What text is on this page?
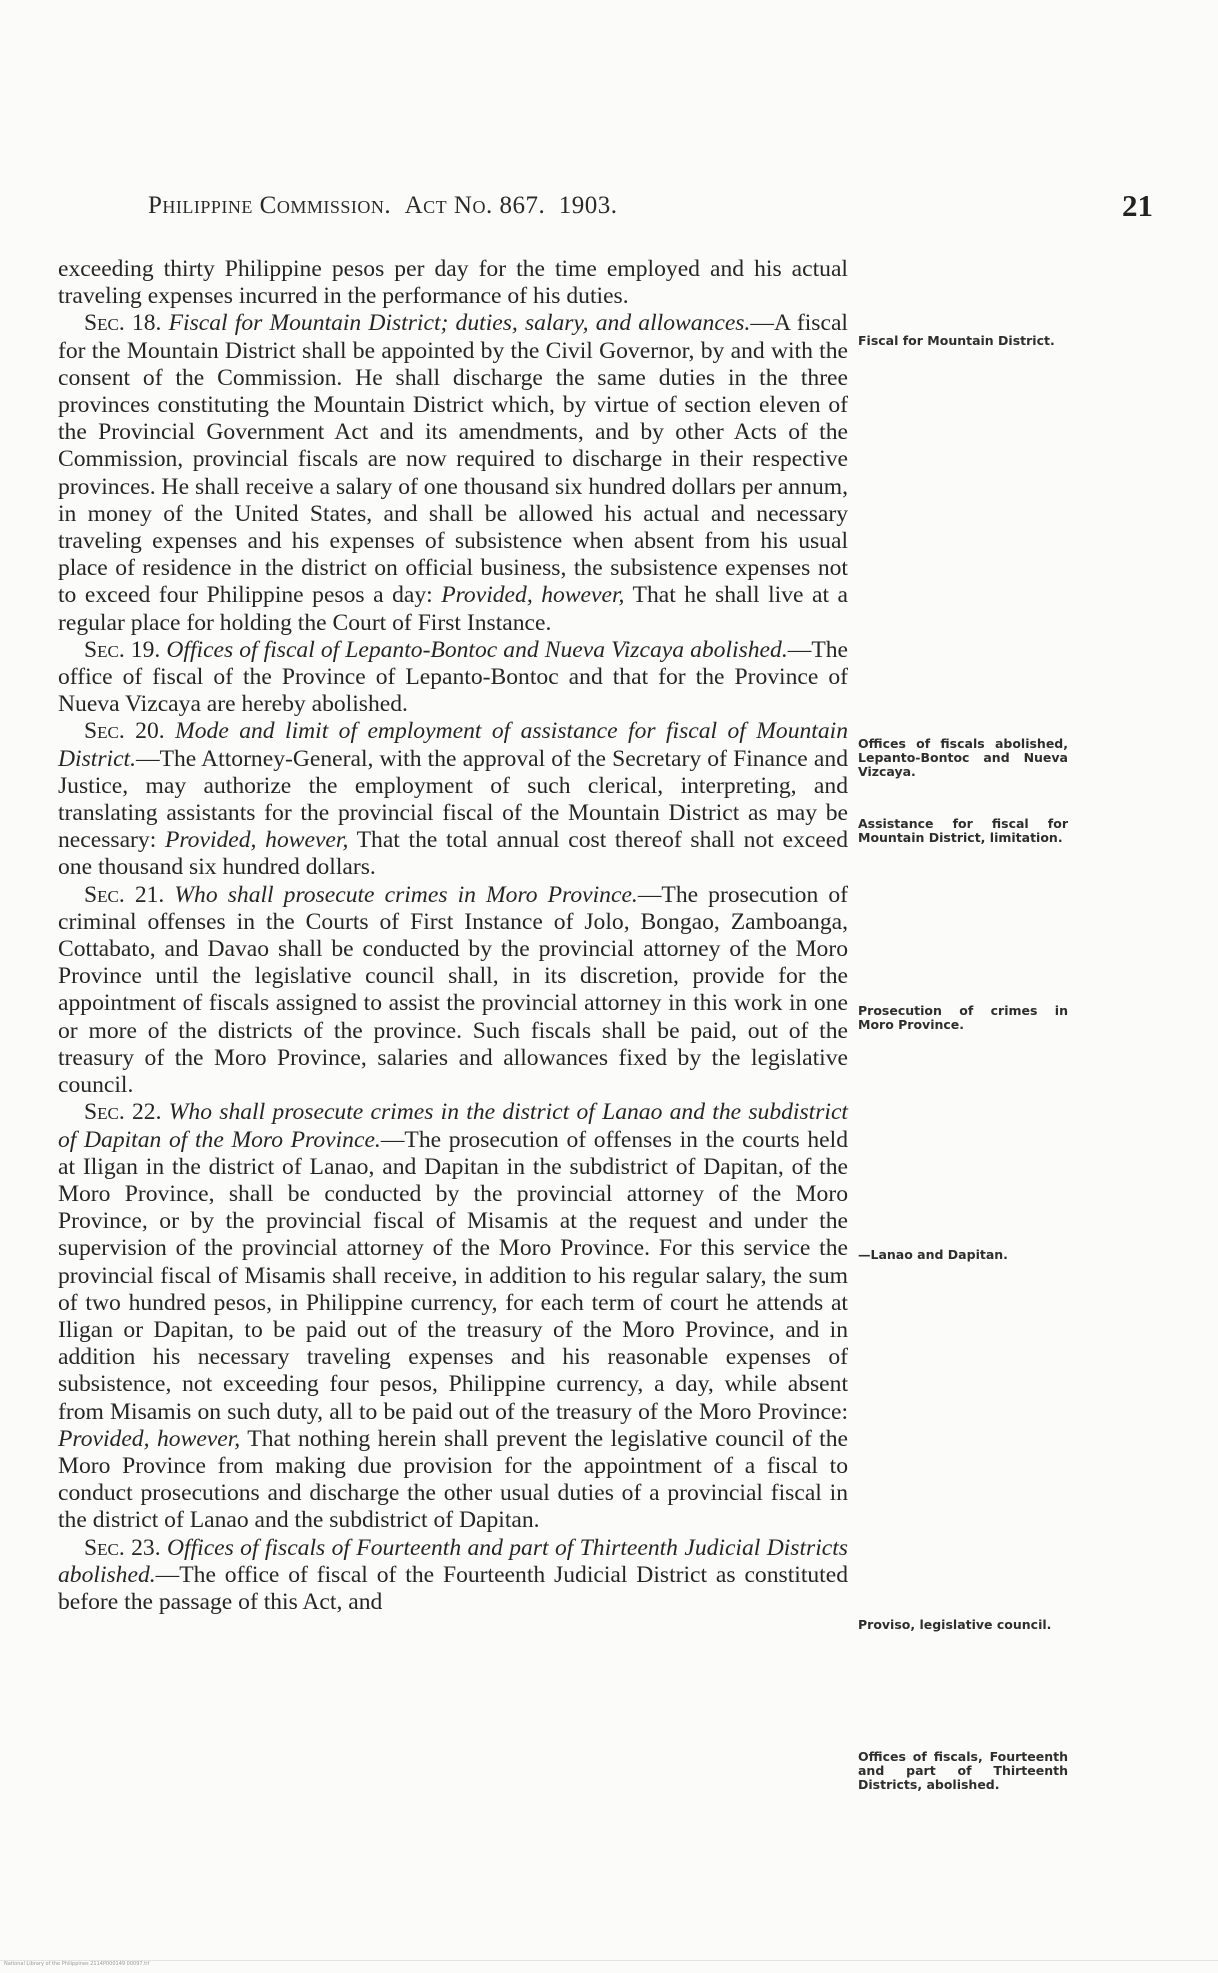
Philippine Commission. Act No. 867. 1903.	21

exceeding thirty Philippine pesos per day for the time employed and his actual traveling expenses incurred in the performance of his duties.

Sec. 18. Fiscal for Mountain District; duties, salary, and allowances.—A fiscal for the Mountain District shall be appointed by the Civil Governor, by and with the consent of the Commission. He shall discharge the same duties in the three provinces constituting the Mountain District which, by virtue of section eleven of the Provincial Government Act and its amendments, and by other Acts of the Commission, provincial fiscals are now required to discharge in their respective provinces. He shall receive a salary of one thousand six hundred dollars per annum, in money of the United States, and shall be allowed his actual and necessary traveling expenses and his expenses of subsistence when absent from his usual place of residence in the district on official business, the subsistence expenses not to exceed four Philippine pesos a day: Provided, however, That he shall live at a regular place for holding the Court of First Instance.

Sec. 19. Offices of fiscal of Lepanto-Bontoc and Nueva Vizcaya abolished.—The office of fiscal of the Province of Lepanto-Bontoc and that for the Province of Nueva Vizcaya are hereby abolished.

Sec. 20. Mode and limit of employment of assistance for fiscal of Mountain District.—The Attorney-General, with the approval of the Secretary of Finance and Justice, may authorize the employment of such clerical, interpreting, and translating assistants for the provincial fiscal of the Mountain District as may be necessary: Provided, however, That the total annual cost thereof shall not exceed one thousand six hundred dollars.

Sec. 21. Who shall prosecute crimes in Moro Province.—The prosecution of criminal offenses in the Courts of First Instance of Jolo, Bongao, Zamboanga, Cottabato, and Davao shall be conducted by the provincial attorney of the Moro Province until the legislative council shall, in its discretion, provide for the appointment of fiscals assigned to assist the provincial attorney in this work in one or more of the districts of the province. Such fiscals shall be paid, out of the treasury of the Moro Province, salaries and allowances fixed by the legislative council.

Sec. 22. Who shall prosecute crimes in the district of Lanao and the subdistrict of Dapitan of the Moro Province.—The prosecution of offenses in the courts held at Iligan in the district of Lanao, and Dapitan in the subdistrict of Dapitan, of the Moro Province, shall be conducted by the provincial attorney of the Moro Province, or by the provincial fiscal of Misamis at the request and under the supervision of the provincial attorney of the Moro Province. For this service the provincial fiscal of Misamis shall receive, in addition to his regular salary, the sum of two hundred pesos, in Philippine currency, for each term of court he attends at Iligan or Dapitan, to be paid out of the treasury of the Moro Province, and in addition his necessary traveling expenses and his reasonable expenses of subsistence, not exceeding four pesos, Philippine currency, a day, while absent from Misamis on such duty, all to be paid out of the treasury of the Moro Province: Provided, however, That nothing herein shall prevent the legislative council of the Moro Province from making due provision for the appointment of a fiscal to conduct prosecutions and discharge the other usual duties of a provincial fiscal in the district of Lanao and the subdistrict of Dapitan.

Sec. 23. Offices of fiscals of Fourteenth and part of Thirteenth Judicial Districts abolished.—The office of fiscal of the Fourteenth Judicial District as constituted before the passage of this Act, and

Fiscal for Mountain District.
Offices of fiscals abolished, Lepanto-Bontoc and Nueva Vizcaya.
Assistance for fiscal for Mountain District, limitation.
Prosecution of crimes in Moro Province.
—Lanao and Dapitan.
Proviso, legislative council.
Offices of fiscals, Fourteenth and part of Thirteenth Districts, abolished.
National Library of the Philippines 2114P000149 00097.tif
